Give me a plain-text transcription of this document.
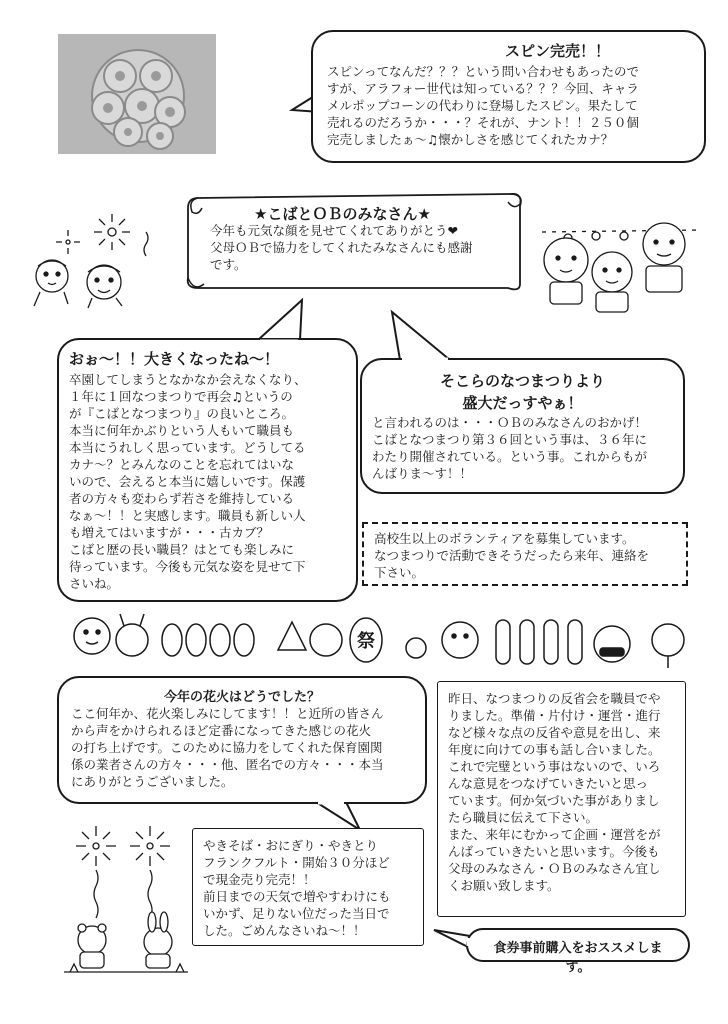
スピン完売！！
スピンってなんだ？？？という問い合わせもあったので
すが、アラフォー世代は知っている？？？今回、キャラ
メルポップコーンの代わりに登場したスピン。果たして
売れるのだろうか・・・？それが、ナント！！２５０個
完売しましたぁ～♫懐かしさを感じてくれたカナ？
★こばとＯＢのみなさん★
今年も元気な顔を見せてくれてありがとう❤
父母ＯＢで協力をしてくれたみなさんにも感謝
です。
おぉ～！！大きくなったね～！
卒園してしまうとなかなか会えなくなり、
１年に１回なつまつりで再会♫というの
が『こばとなつまつり』の良いところ。
本当に何年かぶりという人もいて職員も
本当にうれしく思っています。どうしてる
カナ～？とみんなのことを忘れてはいな
いので、会えると本当に嬉しいです。保護
者の方々も変わらず若さを維持している
なぁ～！！と実感します。職員も新しい人
も増えてはいますが・・・古カブ？
こばと歴の長い職員？はとても楽しみに
待っています。今後も元気な姿を見せて下
さいね。
そこらのなつまつりより
盛大だっすやぁ！
と言われるのは・・・ＯＢのみなさんのおかげ！
こばとなつまつり第３６回という事は、３６年に
わたり開催されている。という事。これからもが
んばりま～す！！
高校生以上のボランティアを募集しています。
なつまつりで活動できそうだったら来年、連絡を
下さい。
祭
今年の花火はどうでした？
ここ何年か、花火楽しみにしてます！！と近所の皆さん
から声をかけられるほど定番になってきた感じの花火
の打ち上げです。このために協力をしてくれた保育園関
係の業者さんの方々・・・他、匿名での方々・・・本当
にありがとうございました。
昨日、なつまつりの反省会を職員でや
りました。準備・片付け・運営・進行
など様々な点の反省や意見を出し、来
年度に向けての事も話し合いました。
これで完璧という事はないので、いろ
んな意見をつなげていきたいと思っ
ています。何か気づいた事がありまし
たら職員に伝えて下さい。
また、来年にむかって企画・運営をが
んばっていきたいと思います。今後も
父母のみなさん・ＯＢのみなさん宜し
くお願い致します。
やきそば・おにぎり・やきとり
フランクフルト・開始３０分ほど
で現金売り完売！！
前日までの天気で増やすわけにも
いかず、足りない位だった当日で
した。ごめんなさいね～！！
食券事前購入をおススメします。
